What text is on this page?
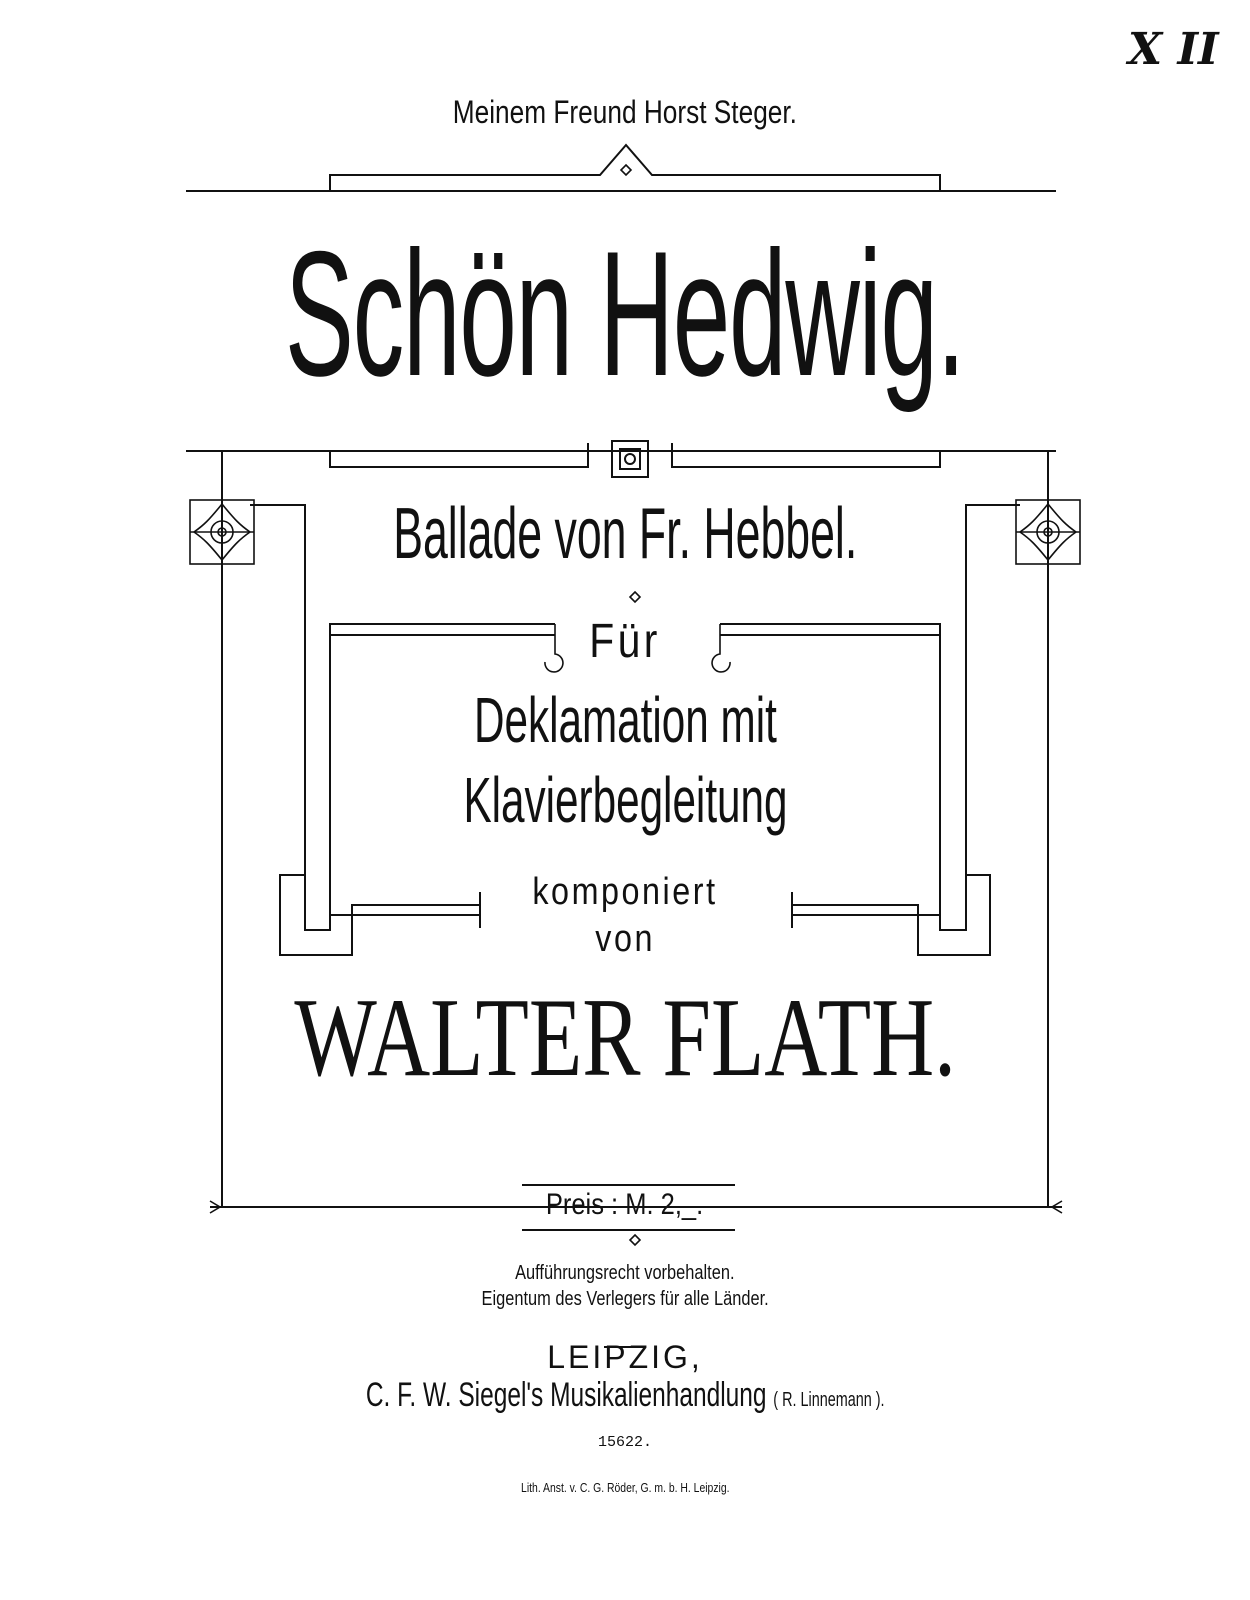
X II
Meinem Freund Horst Steger.
Schön Hedwig.
Ballade von Fr. Hebbel.
Für
Deklamation mit
Klavierbegleitung
komponiert
von
WALTER FLATH.
Preis : M. 2,_.
Aufführungsrecht vorbehalten.
Eigentum des Verlegers für alle Länder.
LEIPZIG,
C. F. W. Siegel's Musikalienhandlung ( R. Linnemann ).
15622.
Lith. Anst. v. C. G. Röder, G. m. b. H. Leipzig.
